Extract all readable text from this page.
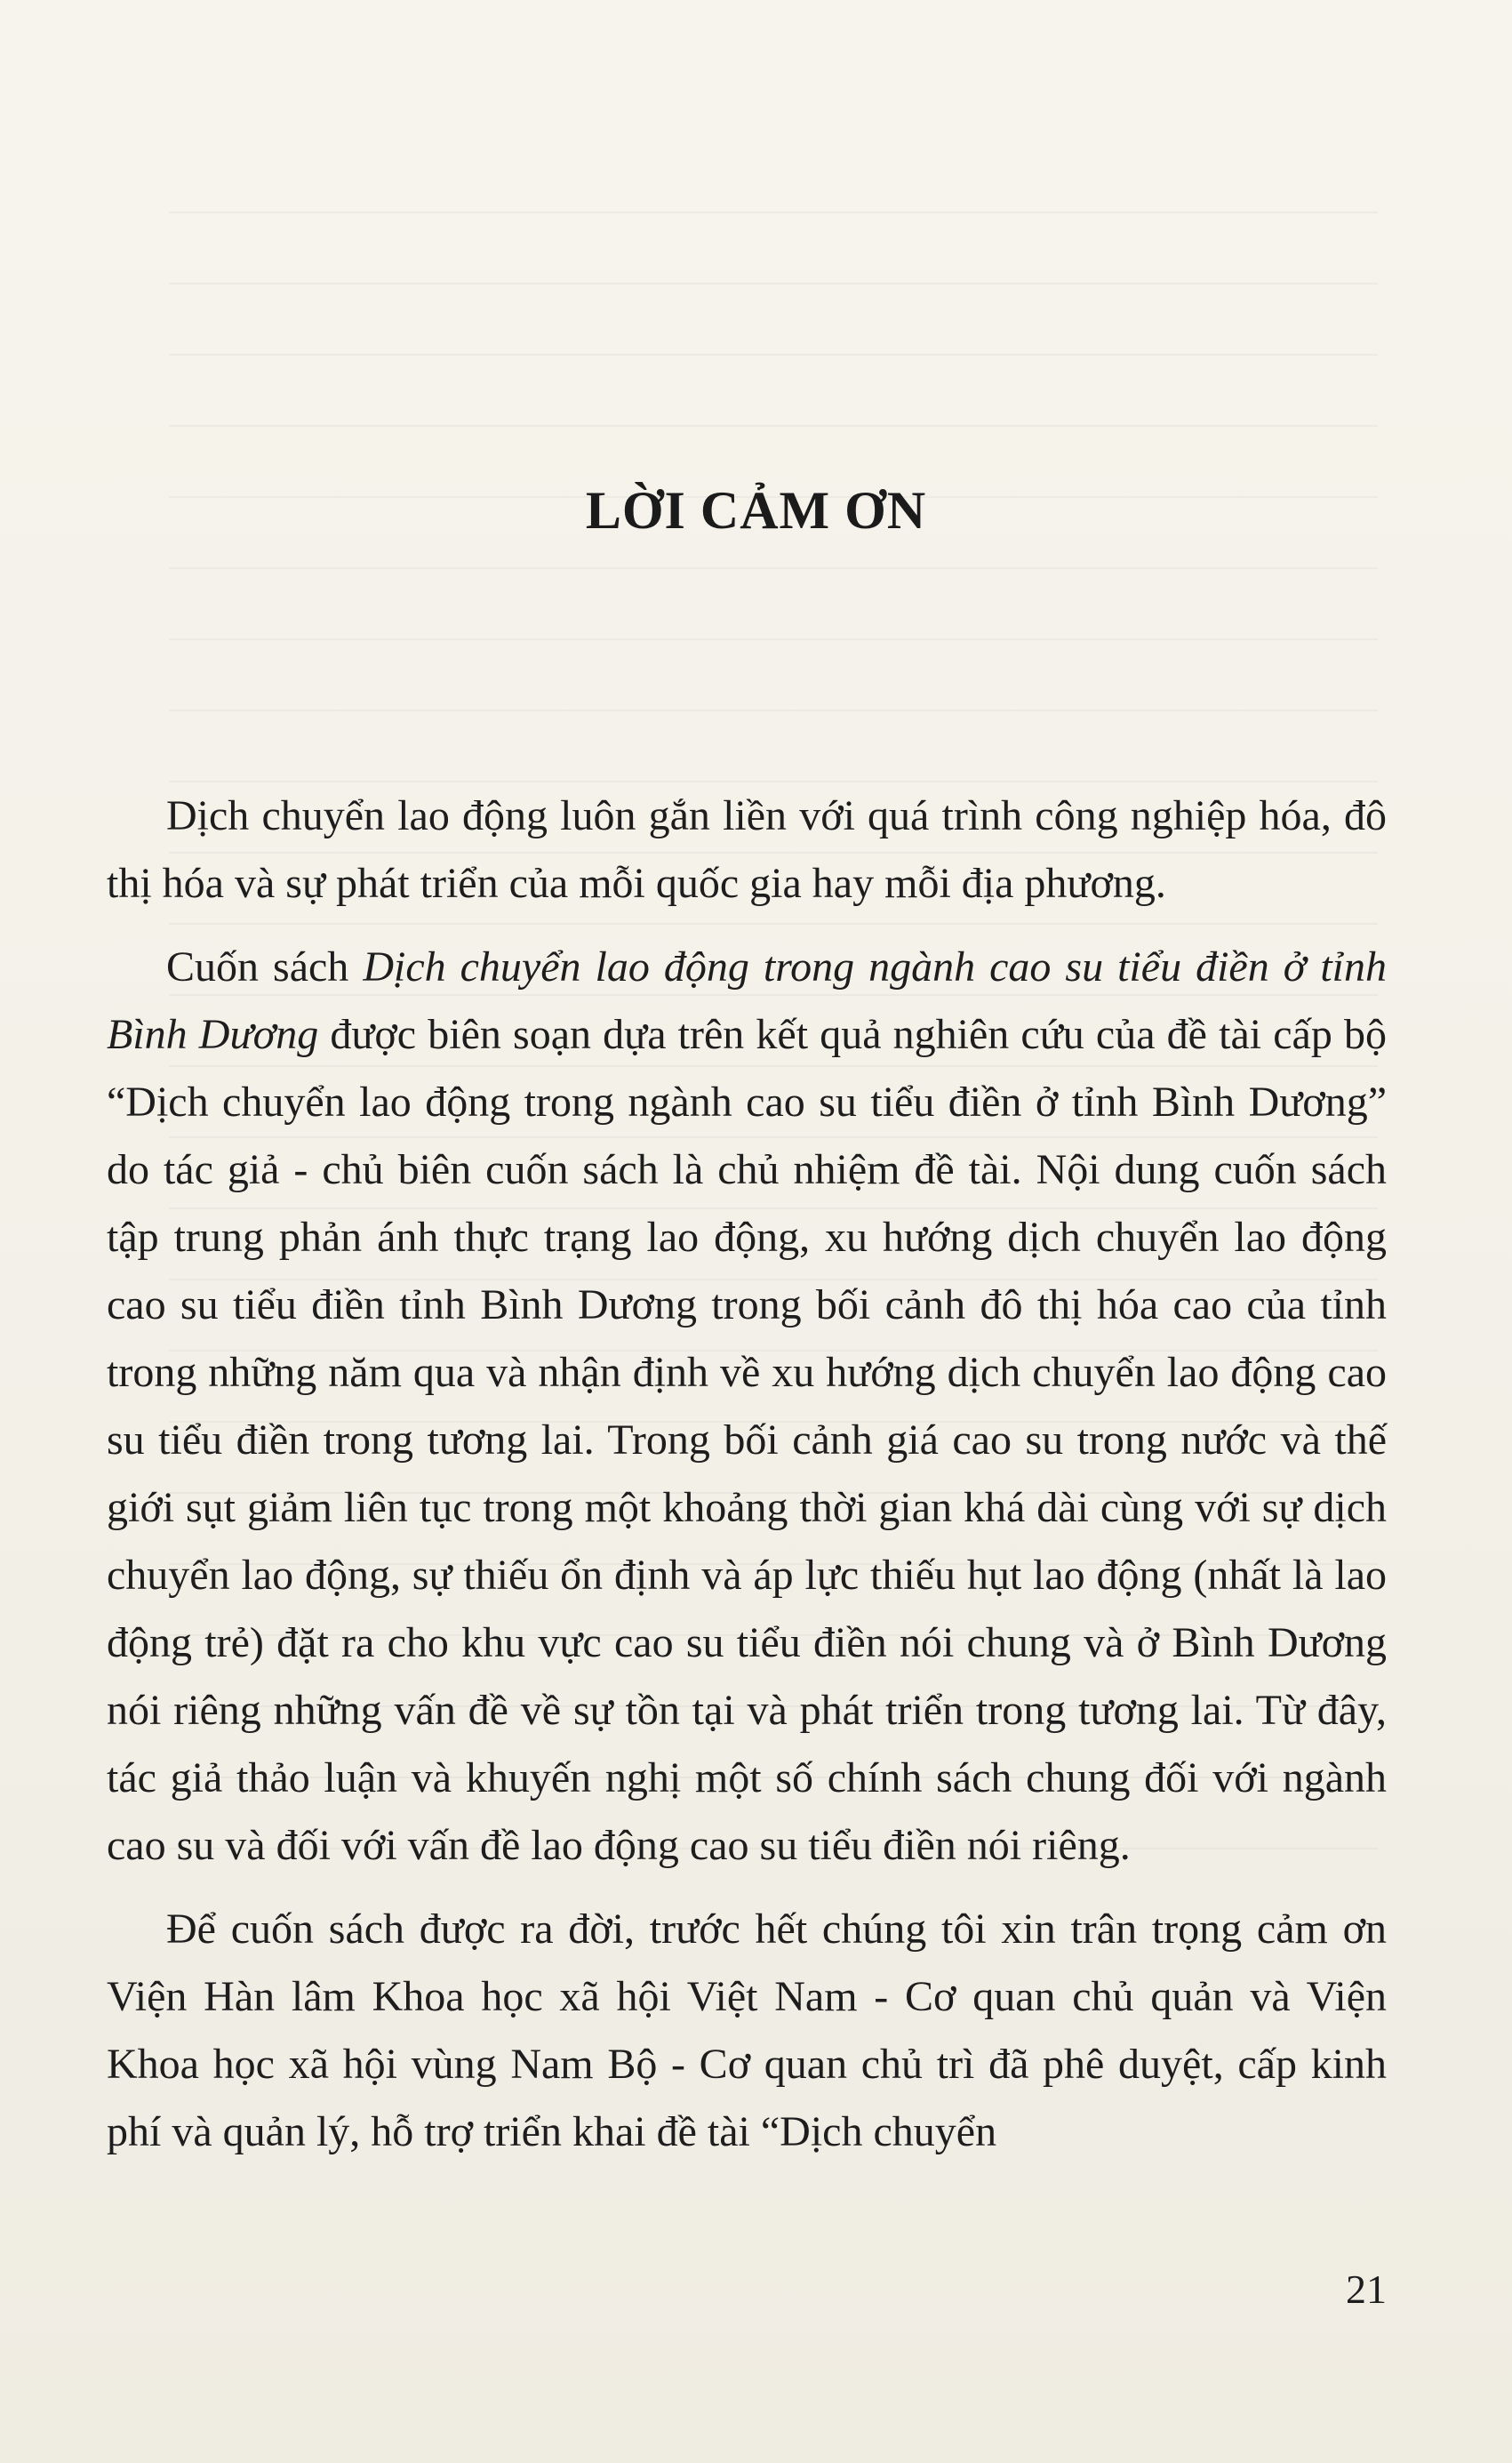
LỜI CẢM ƠN

Dịch chuyển lao động luôn gắn liền với quá trình công nghiệp hóa, đô thị hóa và sự phát triển của mỗi quốc gia hay mỗi địa phương.

Cuốn sách Dịch chuyển lao động trong ngành cao su tiểu điền ở tỉnh Bình Dương được biên soạn dựa trên kết quả nghiên cứu của đề tài cấp bộ “Dịch chuyển lao động trong ngành cao su tiểu điền ở tỉnh Bình Dương” do tác giả - chủ biên cuốn sách là chủ nhiệm đề tài. Nội dung cuốn sách tập trung phản ánh thực trạng lao động, xu hướng dịch chuyển lao động cao su tiểu điền tỉnh Bình Dương trong bối cảnh đô thị hóa cao của tỉnh trong những năm qua và nhận định về xu hướng dịch chuyển lao động cao su tiểu điền trong tương lai. Trong bối cảnh giá cao su trong nước và thế giới sụt giảm liên tục trong một khoảng thời gian khá dài cùng với sự dịch chuyển lao động, sự thiếu ổn định và áp lực thiếu hụt lao động (nhất là lao động trẻ) đặt ra cho khu vực cao su tiểu điền nói chung và ở Bình Dương nói riêng những vấn đề về sự tồn tại và phát triển trong tương lai. Từ đây, tác giả thảo luận và khuyến nghị một số chính sách chung đối với ngành cao su và đối với vấn đề lao động cao su tiểu điền nói riêng.

Để cuốn sách được ra đời, trước hết chúng tôi xin trân trọng cảm ơn Viện Hàn lâm Khoa học xã hội Việt Nam - Cơ quan chủ quản và Viện Khoa học xã hội vùng Nam Bộ - Cơ quan chủ trì đã phê duyệt, cấp kinh phí và quản lý, hỗ trợ triển khai đề tài “Dịch chuyển

21
